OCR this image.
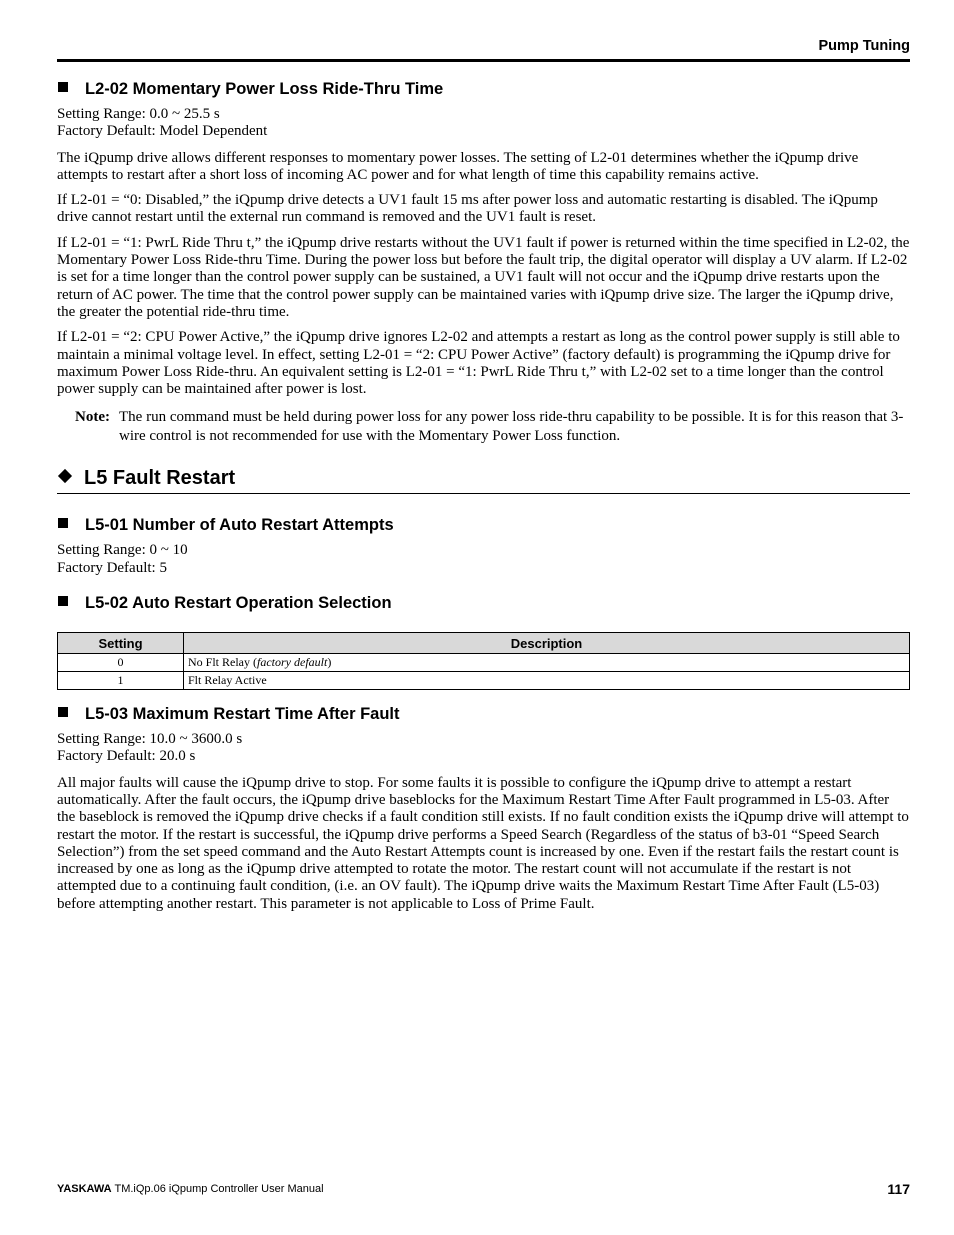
Pump Tuning
L2-02 Momentary Power Loss Ride-Thru Time

Setting Range: 0.0 ~ 25.5 s
Factory Default: Model Dependent

The iQpump drive allows different responses to momentary power losses. The setting of L2-01 determines whether the iQpump drive attempts to restart after a short loss of incoming AC power and for what length of time this capability remains active.

If L2-01 = “0: Disabled,” the iQpump drive detects a UV1 fault 15 ms after power loss and automatic restarting is disabled. The iQpump drive cannot restart until the external run command is removed and the UV1 fault is reset.

If L2-01 = “1: PwrL Ride Thru t,” the iQpump drive restarts without the UV1 fault if power is returned within the time specified in L2-02, the Momentary Power Loss Ride-thru Time. During the power loss but before the fault trip, the digital operator will display a UV alarm. If L2-02 is set for a time longer than the control power supply can be sustained, a UV1 fault will not occur and the iQpump drive restarts upon the return of AC power. The time that the control power supply can be maintained varies with iQpump drive size. The larger the iQpump drive, the greater the potential ride-thru time.

If L2-01 = “2: CPU Power Active,” the iQpump drive ignores L2-02 and attempts a restart as long as the control power supply is still able to maintain a minimal voltage level. In effect, setting L2-01 = “2: CPU Power Active” (factory default) is programming the iQpump drive for maximum Power Loss Ride-thru. An equivalent setting is L2-01 = “1: PwrL Ride Thru t,” with L2-02 set to a time longer than the control power supply can be maintained after power is lost.

Note: The run command must be held during power loss for any power loss ride-thru capability to be possible. It is for this reason that 3-wire control is not recommended for use with the Momentary Power Loss function.
L5 Fault Restart
L5-01 Number of Auto Restart Attempts

Setting Range: 0 ~ 10
Factory Default: 5

L5-02 Auto Restart Operation Selection
Setting	Description
0	No Flt Relay (factory default)
1	Flt Relay Active
L5-03 Maximum Restart Time After Fault

Setting Range: 10.0 ~ 3600.0 s
Factory Default: 20.0 s

All major faults will cause the iQpump drive to stop. For some faults it is possible to configure the iQpump drive to attempt a restart automatically. After the fault occurs, the iQpump drive baseblocks for the Maximum Restart Time After Fault programmed in L5-03. After the baseblock is removed the iQpump drive checks if a fault condition still exists. If no fault condition exists the iQpump drive will attempt to restart the motor. If the restart is successful, the iQpump drive performs a Speed Search (Regardless of the status of b3-01 “Speed Search Selection”) from the set speed command and the Auto Restart Attempts count is increased by one. Even if the restart fails the restart count is increased by one as long as the iQpump drive attempted to rotate the motor. The restart count will not accumulate if the restart is not attempted due to a continuing fault condition, (i.e. an OV fault). The iQpump drive waits the Maximum Restart Time After Fault (L5-03) before attempting another restart. This parameter is not applicable to Loss of Prime Fault.

YASKAWA TM.iQp.06 iQpump Controller User Manual	117
